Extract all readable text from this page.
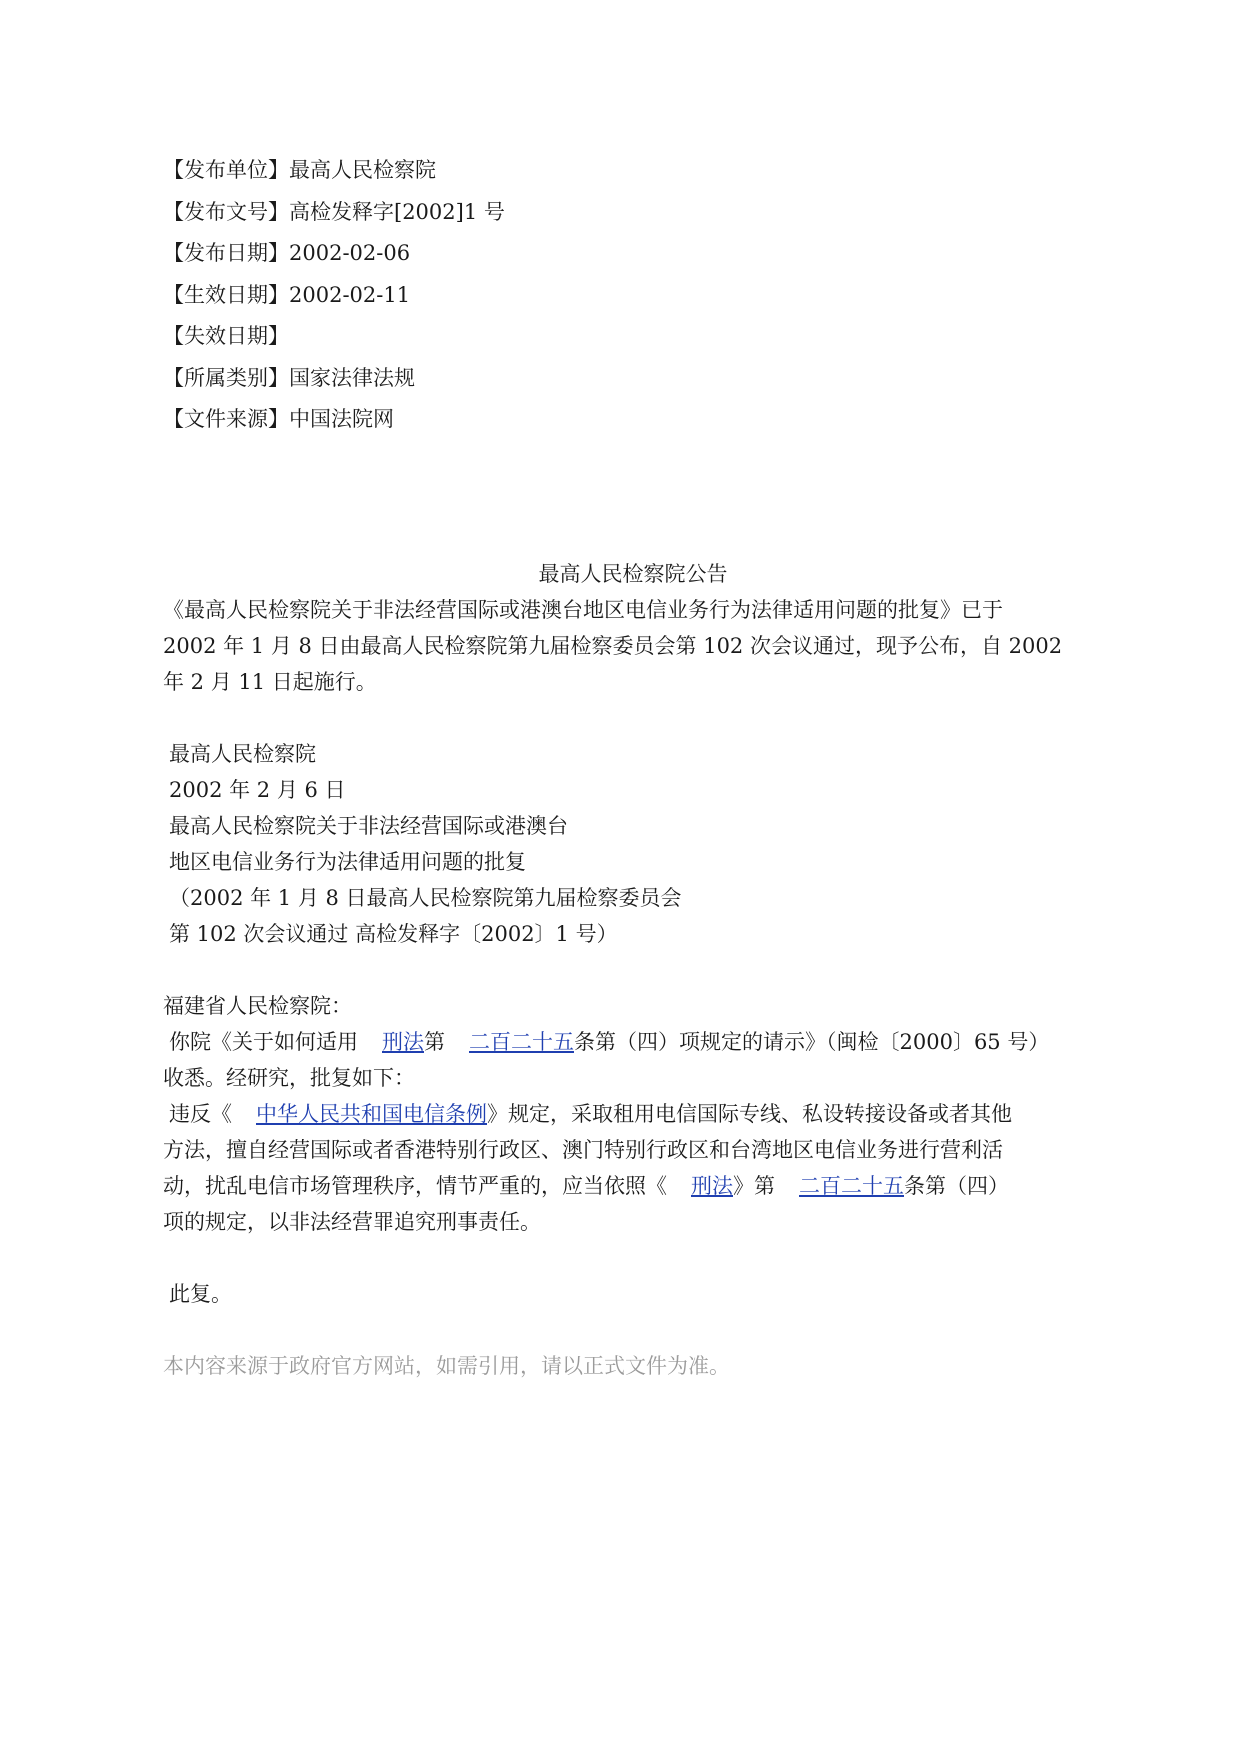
【发布单位】最高人民检察院
【发布文号】高检发释字[2002]1 号
【发布日期】2002-02-06
【生效日期】2002-02-11
【失效日期】
【所属类别】国家法律法规
【文件来源】中国法院网
最高人民检察院公告
《最高人民检察院关于非法经营国际或港澳台地区电信业务行为法律适用问题的批复》已于
2002 年 1 月 8 日由最高人民检察院第九届检察委员会第 102 次会议通过，现予公布，自 2002
年 2 月 11 日起施行。
最高人民检察院
2002 年 2 月 6 日
最高人民检察院关于非法经营国际或港澳台
地区电信业务行为法律适用问题的批复
（2002 年 1 月 8 日最高人民检察院第九届检察委员会
第 102 次会议通过 高检发释字〔2002〕1 号）
福建省人民检察院：
你院《关于如何适用 刑法第 二百二十五条第（四）项规定的请示》（闽检〔2000〕65 号）
收悉。经研究，批复如下：
违反《 中华人民共和国电信条例》规定，采取租用电信国际专线、私设转接设备或者其他
方法，擅自经营国际或者香港特别行政区、澳门特别行政区和台湾地区电信业务进行营利活
动，扰乱电信市场管理秩序，情节严重的，应当依照《 刑法》第 二百二十五条第（四）
项的规定，以非法经营罪追究刑事责任。
此复。
本内容来源于政府官方网站，如需引用，请以正式文件为准。
